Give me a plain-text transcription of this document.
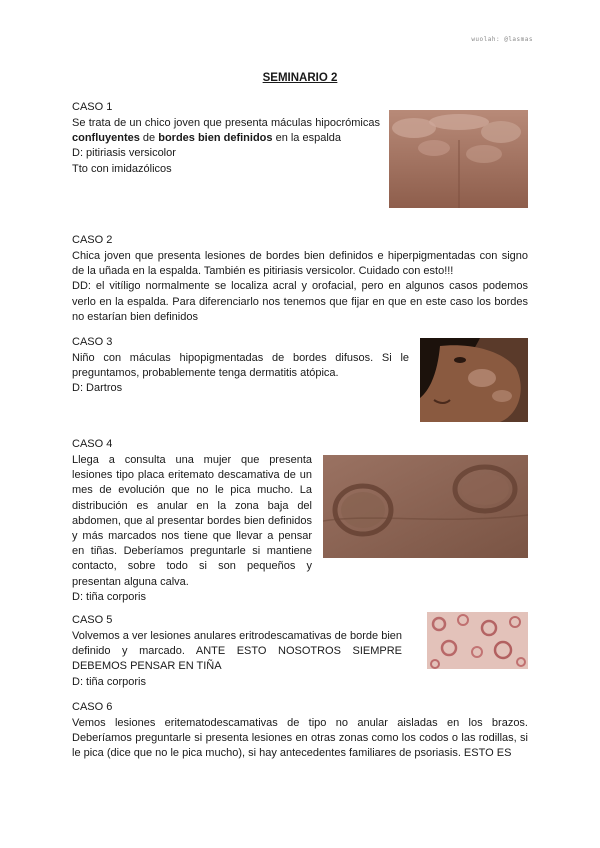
wuolah: @lasmas
SEMINARIO 2
CASO 1

Se trata de un chico joven que presenta máculas hipocrómicas confluyentes de bordes bien definidos en la espalda

D: pitiriasis versicolor

Tto con imidazólicos

CASO 2

Chica joven que presenta lesiones de bordes bien definidos e hiperpigmentadas con signo de la uñada en la espalda. También es pitiriasis versicolor. Cuidado con esto!!!

DD: el vitíligo normalmente se localiza acral y orofacial, pero en algunos casos podemos verlo en la espalda. Para diferenciarlo nos tenemos que fijar en que en este caso los bordes no estarían bien definidos

CASO 3

Niño con máculas hipopigmentadas de bordes difusos. Si le preguntamos, probablemente tenga dermatitis atópica.

D: Dartros

CASO 4

Llega a consulta una mujer que presenta lesiones tipo placa eritemato descamativa de un mes de evolución que no le pica mucho. La distribución es anular en la zona baja del abdomen, que al presentar bordes bien definidos y más marcados nos tiene que llevar a pensar en tiñas. Deberíamos preguntarle si mantiene contacto, sobre todo si son pequeños y presentan alguna calva.

D: tiña corporis

CASO 5

Volvemos a ver lesiones anulares eritrodescamativas de borde bien definido y marcado. ANTE ESTO NOSOTROS SIEMPRE DEBEMOS PENSAR EN TIÑA

D: tiña corporis

CASO 6

Vemos lesiones eritematodescamativas de tipo no anular aisladas en los brazos. Deberíamos preguntarle si presenta lesiones en otras zonas como los codos o las rodillas, si le pica (dice que no le pica mucho), si hay antecedentes familiares de psoriasis. ESTO ES
